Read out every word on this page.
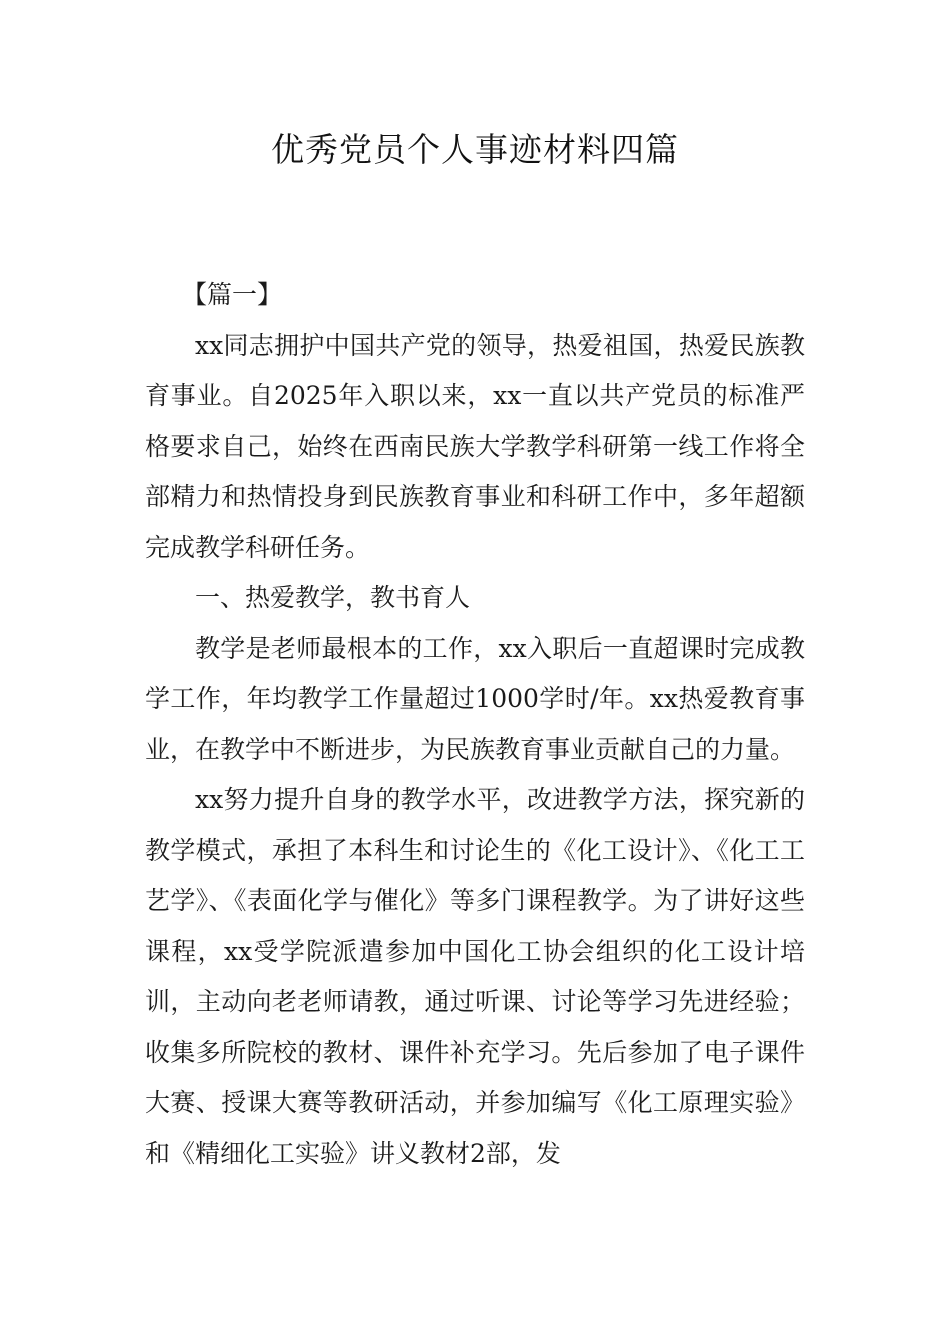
优秀党员个人事迹材料四篇

【篇一】

xx同志拥护中国共产党的领导，热爱祖国，热爱民族教育事业。自2025年入职以来，xx一直以共产党员的标准严格要求自己，始终在西南民族大学教学科研第一线工作将全部精力和热情投身到民族教育事业和科研工作中，多年超额完成教学科研任务。

一、热爱教学，教书育人

教学是老师最根本的工作，xx入职后一直超课时完成教学工作，年均教学工作量超过1000学时/年。xx热爱教育事业，在教学中不断进步，为民族教育事业贡献自己的力量。

xx努力提升自身的教学水平，改进教学方法，探究新的教学模式，承担了本科生和讨论生的《化工设计》、《化工工艺学》、《表面化学与催化》等多门课程教学。为了讲好这些课程，xx受学院派遣参加中国化工协会组织的化工设计培训，主动向老老师请教，通过听课、讨论等学习先进经验；收集多所院校的教材、课件补充学习。先后参加了电子课件大赛、授课大赛等教研活动，并参加编写《化工原理实验》和《精细化工实验》讲义教材2部，发
